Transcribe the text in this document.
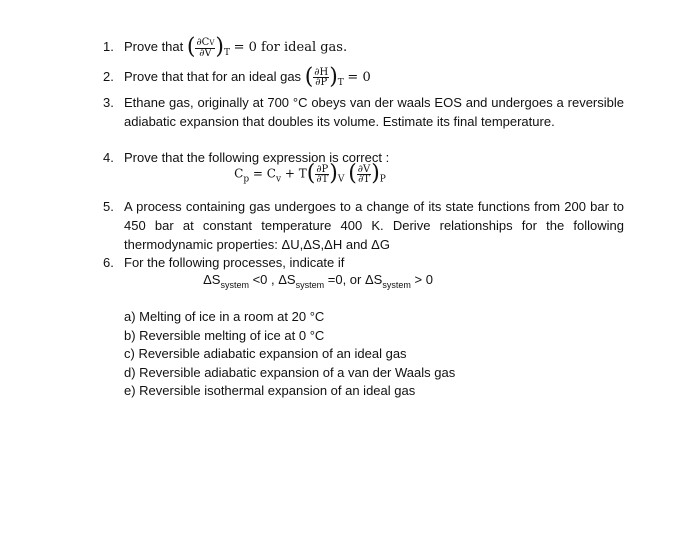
1. Prove that ( $\frac{\partial CV}{\partial V} )_T = 0$ for ideal gas.
2. Prove that that for an ideal gas ( $\frac{\partial H}{\partial P} )_T = 0$
3. Ethane gas, originally at 700 °C obeys van der waals EOS and undergoes a reversible adiabatic expansion that doubles its volume. Estimate its final temperature.
4. Prove that the following expression is correct :
$C_p = C_v + T( \frac{\partial P}{\partial T} )_V$ ( $\frac{\partial V}{\partial T} )_P$
5. A process containing gas undergoes to a change of its state functions from 200 bar to 450 bar at constant temperature 400 K. Derive relationships for the following thermodynamic properties: ΔU,ΔS,ΔH and ΔG
6. For the following processes, indicate if
$\Delta S_{system} <0$ , $\Delta S_{system} =0$, or $\Delta S_{system} > 0$
a) Melting of ice in a room at 20 °C
b) Reversible melting of ice at 0 °C
c) Reversible adiabatic expansion of an ideal gas
d) Reversible adiabatic expansion of a van der Waals gas
e) Reversible isothermal expansion of an ideal gas
